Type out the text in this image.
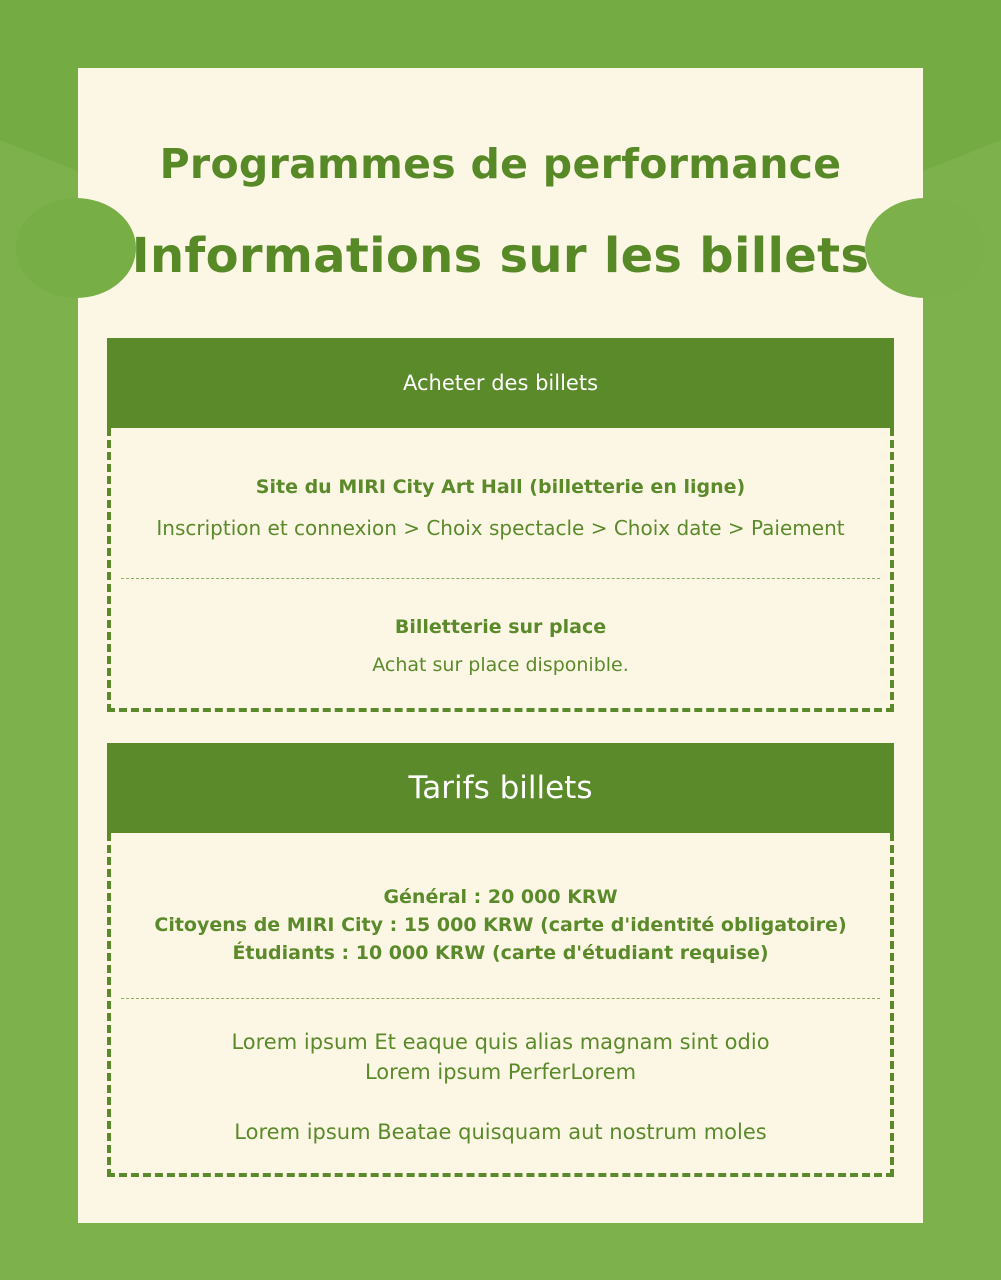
Programmes de performance
Informations sur les billets
Acheter des billets
Site du MIRI City Art Hall (billetterie en ligne)
Inscription et connexion > Choix spectacle > Choix date > Paiement
Billetterie sur place
Achat sur place disponible.
Tarifs billets
Général : 20 000 KRW
Citoyens de MIRI City : 15 000 KRW (carte d'identité obligatoire)
Étudiants : 10 000 KRW (carte d'étudiant requise)
Lorem ipsum Et eaque quis alias magnam sint odio
Lorem ipsum PerferLorem
Lorem ipsum Beatae quisquam aut nostrum moles
